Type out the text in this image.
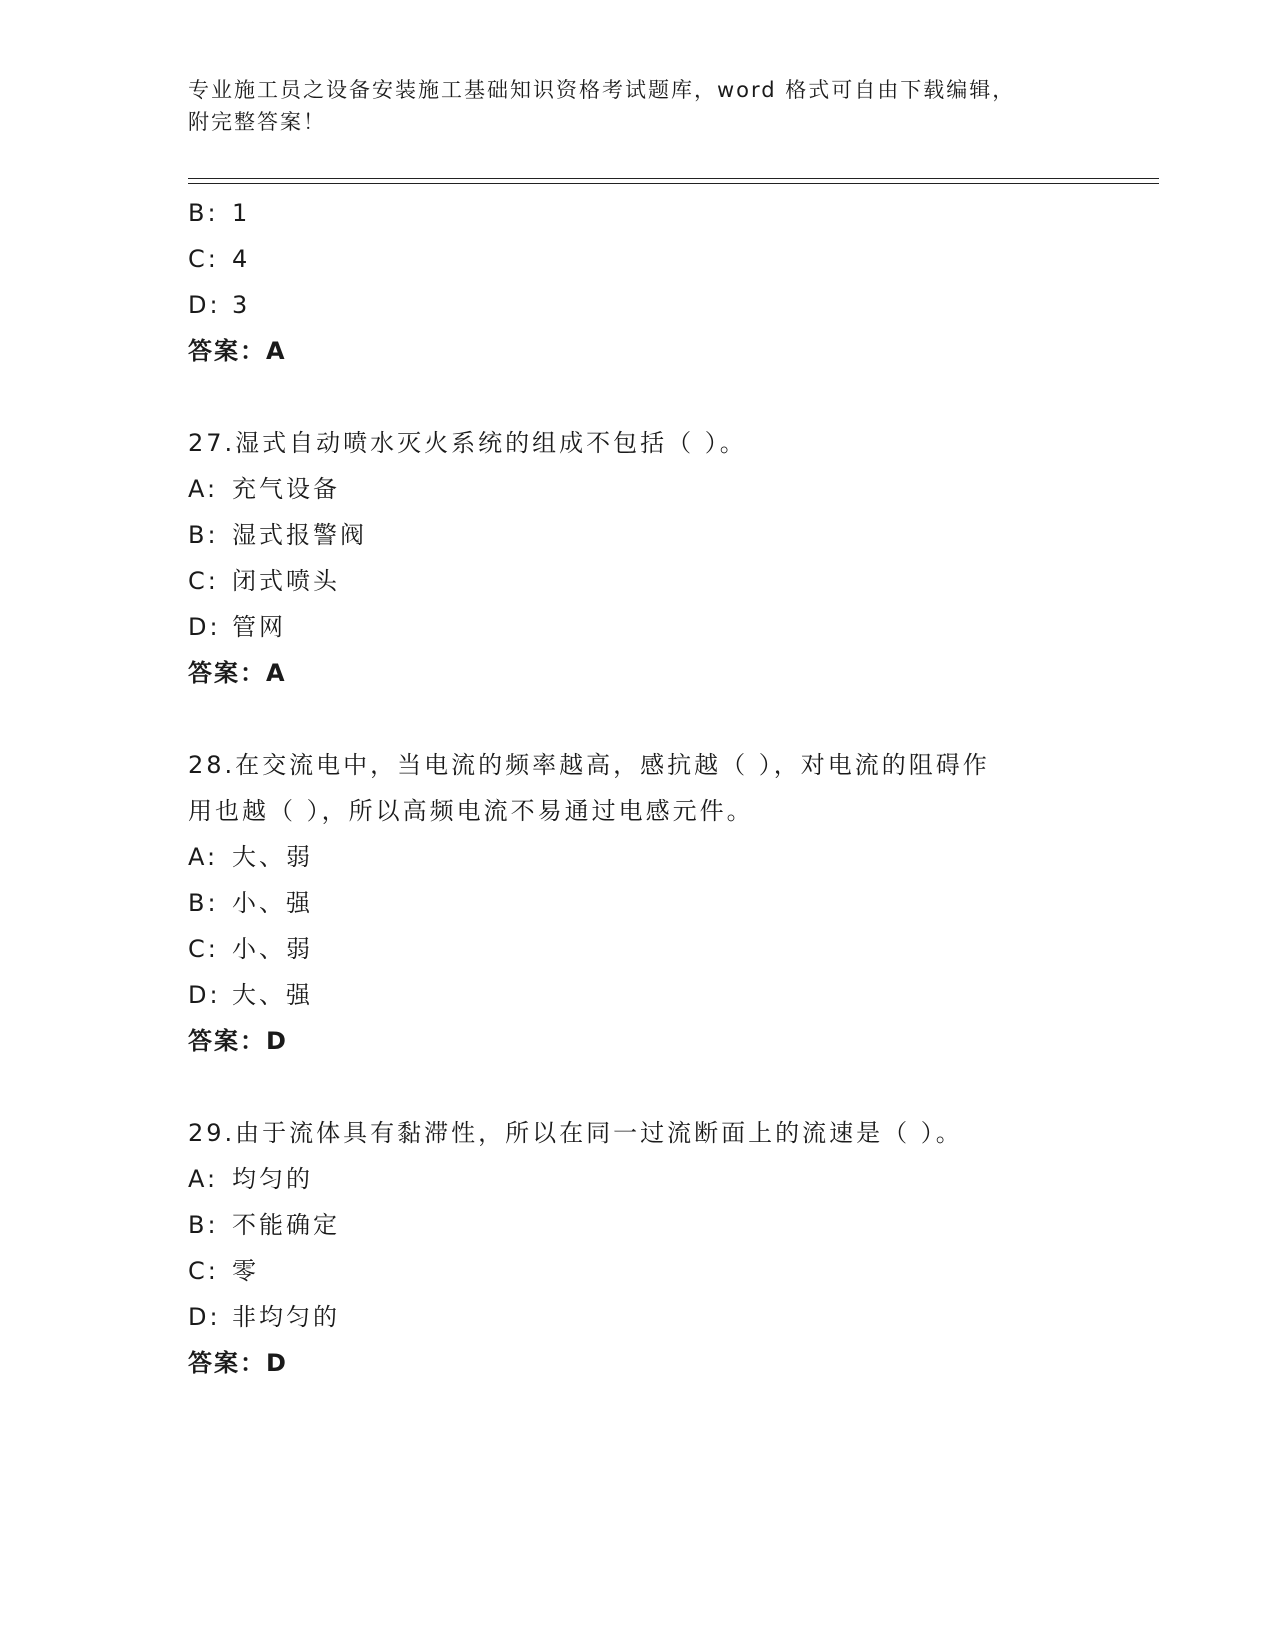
专业施工员之设备安装施工基础知识资格考试题库，word 格式可自由下载编辑，
附完整答案！
B: 1
C: 4
D: 3
答案：A
27.湿式自动喷水灭火系统的组成不包括（ ）。
A: 充气设备
B: 湿式报警阀
C: 闭式喷头
D: 管网
答案：A
28.在交流电中，当电流的频率越高，感抗越（ ），对电流的阻碍作
用也越（ ），所以高频电流不易通过电感元件。
A: 大、弱
B: 小、强
C: 小、弱
D: 大、强
答案：D
29.由于流体具有黏滞性，所以在同一过流断面上的流速是（ ）。
A: 均匀的
B: 不能确定
C: 零
D: 非均匀的
答案：D
